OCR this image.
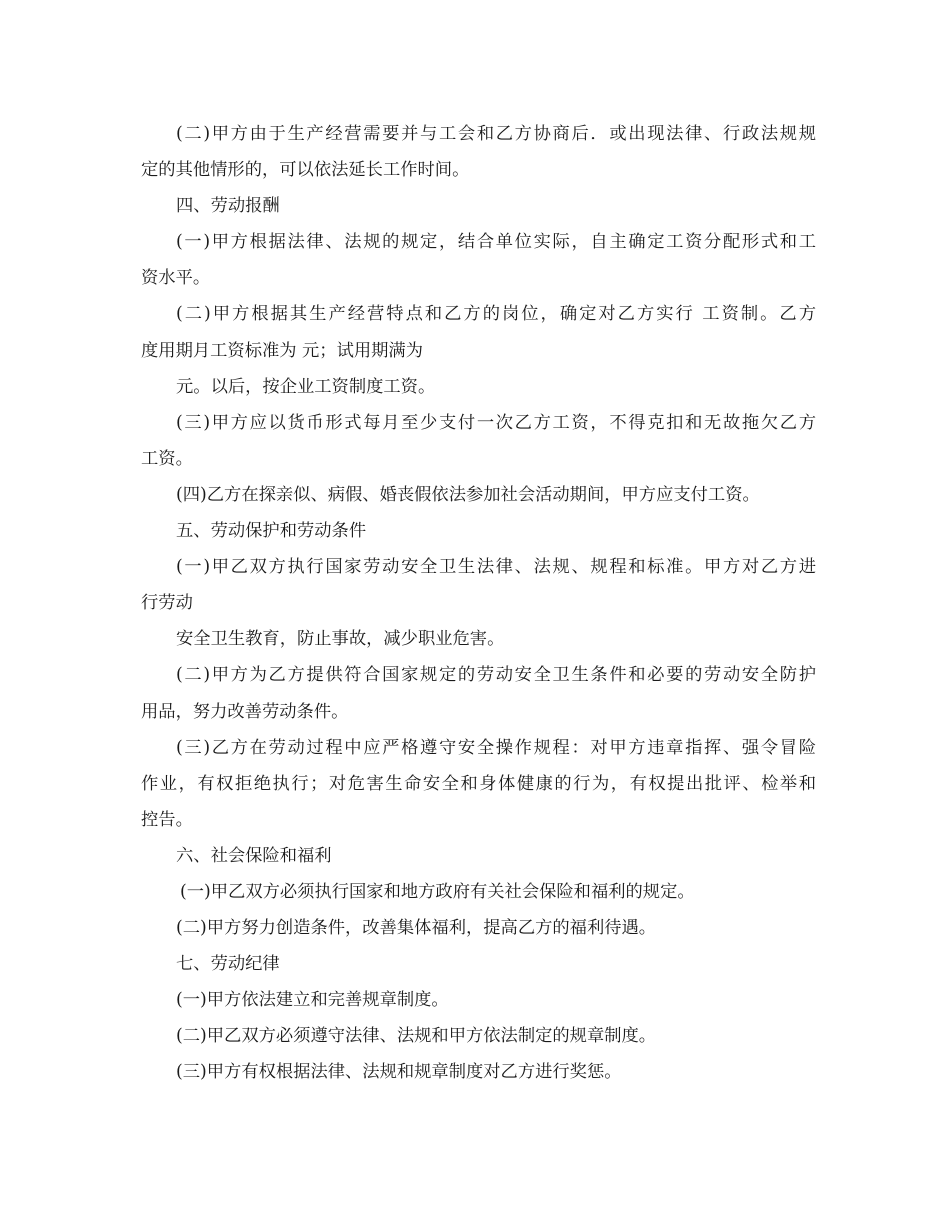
(二)甲方由于生产经营需要并与工会和乙方协商后．或出现法律、行政法规规
定的其他情形的，可以依法延长工作时间。
四、劳动报酬
(一)甲方根据法律、法规的规定，结合单位实际，自主确定工资分配形式和工
资水平。
(二)甲方根据其生产经营特点和乙方的岗位，确定对乙方实行 工资制。乙方
度用期月工资标准为 元；试用期满为
元。以后，按企业工资制度工资。
(三)甲方应以货币形式每月至少支付一次乙方工资，不得克扣和无故拖欠乙方
工资。
(四)乙方在探亲似、病假、婚丧假依法参加社会活动期间，甲方应支付工资。
五、劳动保护和劳动条件
(一)甲乙双方执行国家劳动安全卫生法律、法规、规程和标准。甲方对乙方进
行劳动
安全卫生教育，防止事故，减少职业危害。
(二)甲方为乙方提供符合国家规定的劳动安全卫生条件和必要的劳动安全防护
用品，努力改善劳动条件。
(三)乙方在劳动过程中应严格遵守安全操作规程：对甲方违章指挥、强令冒险
作业，有权拒绝执行；对危害生命安全和身体健康的行为，有权提出批评、检举和
控告。
六、社会保险和福利
(一)甲乙双方必须执行国家和地方政府有关社会保险和福利的规定。
(二)甲方努力创造条件，改善集体福利，提高乙方的福利待遇。
七、劳动纪律
(一)甲方依法建立和完善规章制度。
(二)甲乙双方必须遵守法律、法规和甲方依法制定的规章制度。
(三)甲方有权根据法律、法规和规章制度对乙方进行奖惩。
